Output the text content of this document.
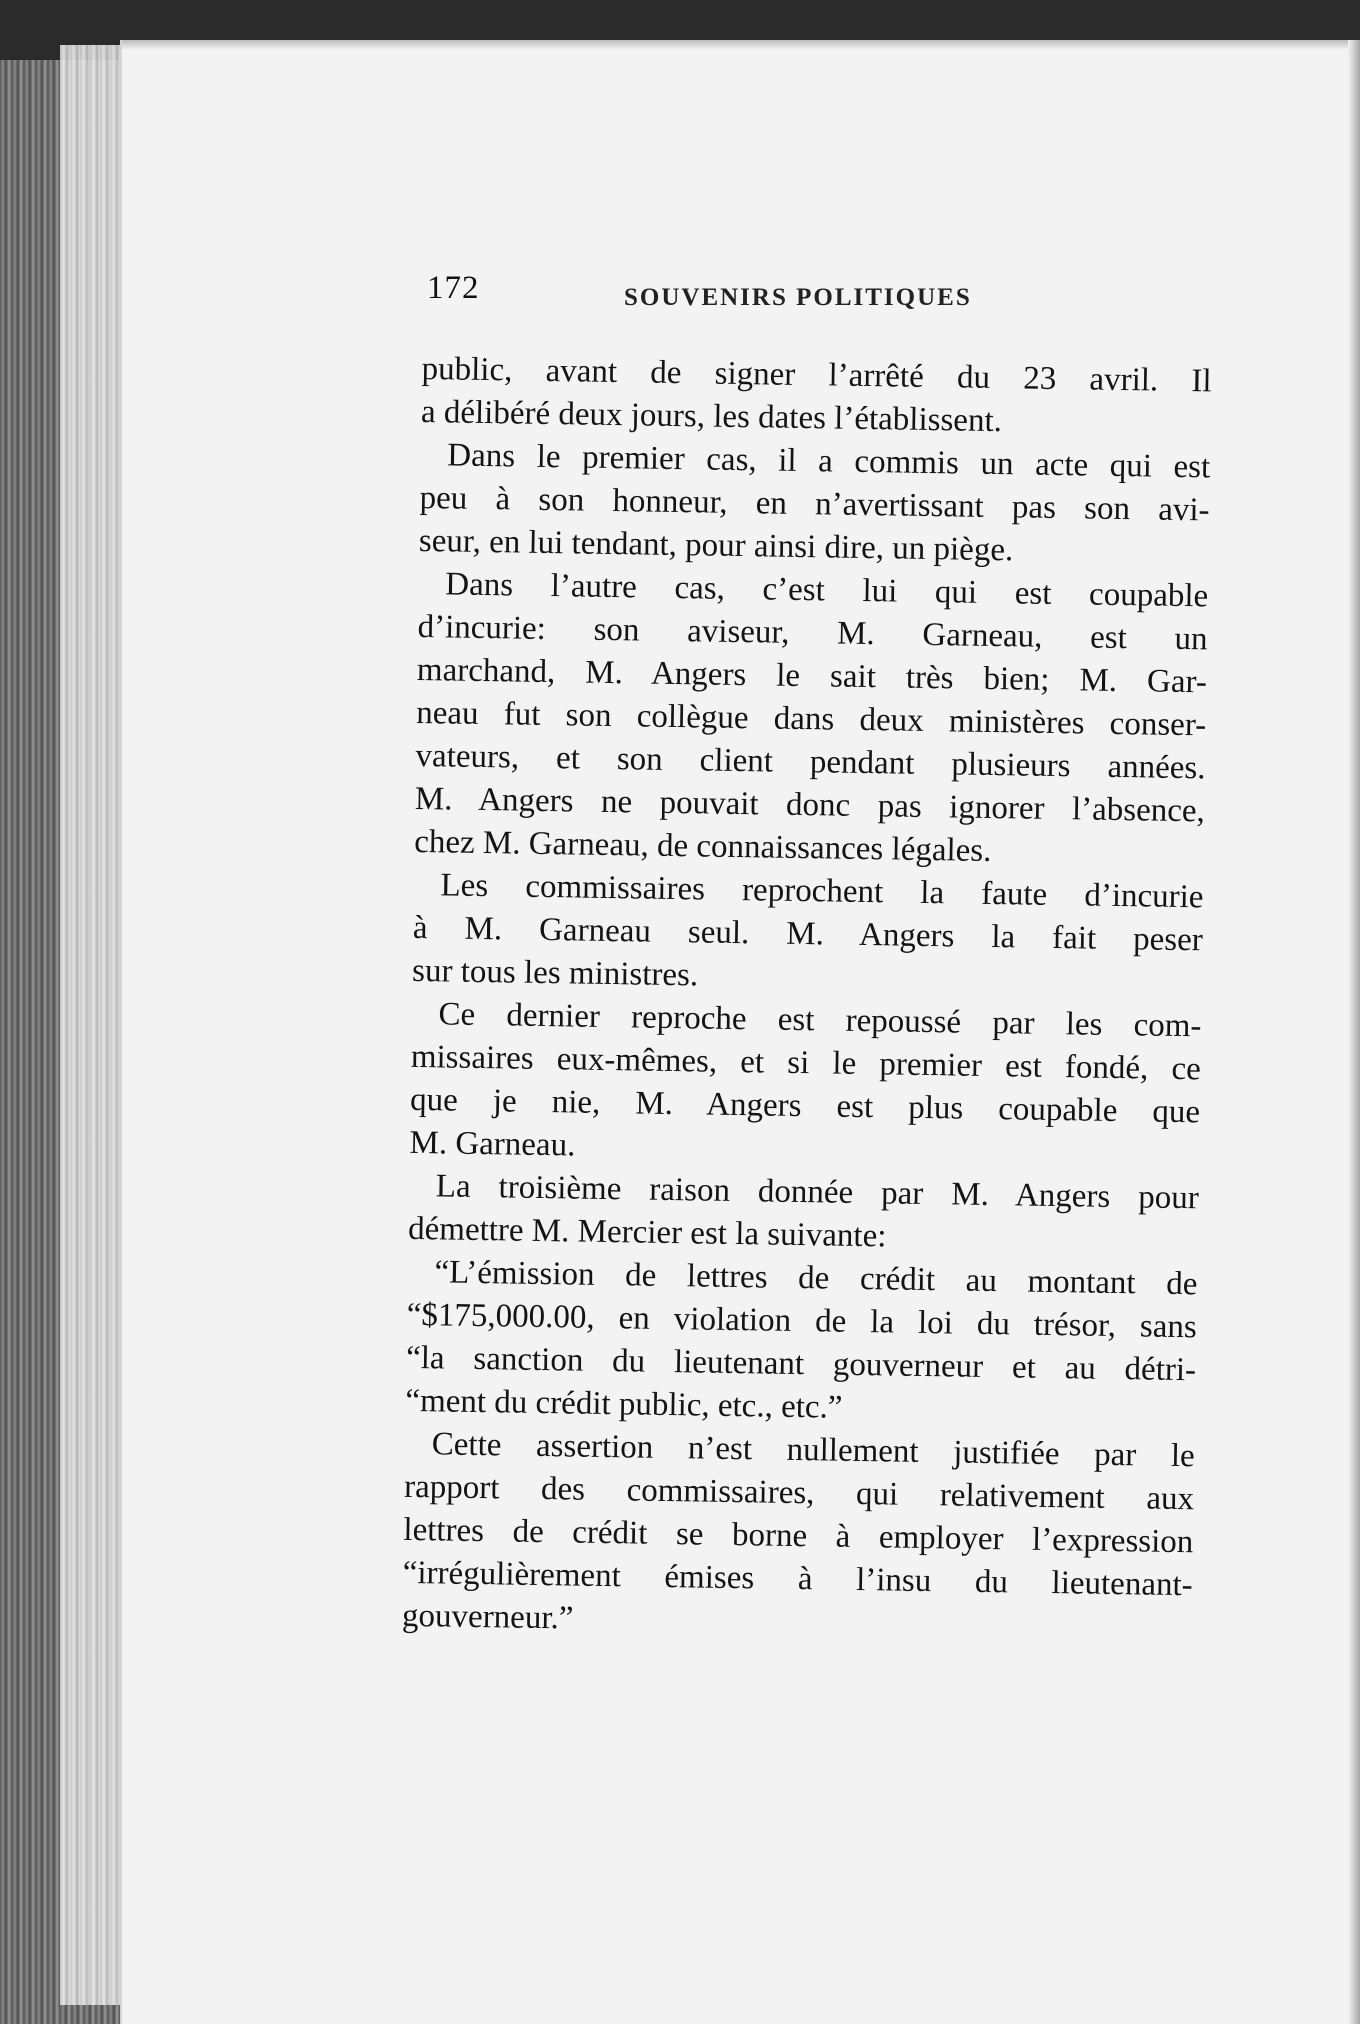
172	SOUVENIRS POLITIQUES
public, avant de signer l’arrêté du 23 avril. Il
a délibéré deux jours, les dates l’établissent.
Dans le premier cas, il a commis un acte qui est
peu à son honneur, en n’avertissant pas son avi-
seur, en lui tendant, pour ainsi dire, un piège.
Dans l’autre cas, c’est lui qui est coupable
d’incurie: son aviseur, M. Garneau, est un
marchand, M. Angers le sait très bien; M. Gar-
neau fut son collègue dans deux ministères conser-
vateurs, et son client pendant plusieurs années.
M. Angers ne pouvait donc pas ignorer l’absence,
chez M. Garneau, de connaissances légales.
Les commissaires reprochent la faute d’incurie
à M. Garneau seul. M. Angers la fait peser
sur tous les ministres.
Ce dernier reproche est repoussé par les com-
missaires eux-mêmes, et si le premier est fondé, ce
que je nie, M. Angers est plus coupable que
M. Garneau.
La troisième raison donnée par M. Angers pour
démettre M. Mercier est la suivante:
“L’émission de lettres de crédit au montant de
“$175,000.00, en violation de la loi du trésor, sans
“la sanction du lieutenant gouverneur et au détri-
“ment du crédit public, etc., etc.”
Cette assertion n’est nullement justifiée par le
rapport des commissaires, qui relativement aux
lettres de crédit se borne à employer l’expression
“irrégulièrement émises à l’insu du lieutenant-
gouverneur.”
